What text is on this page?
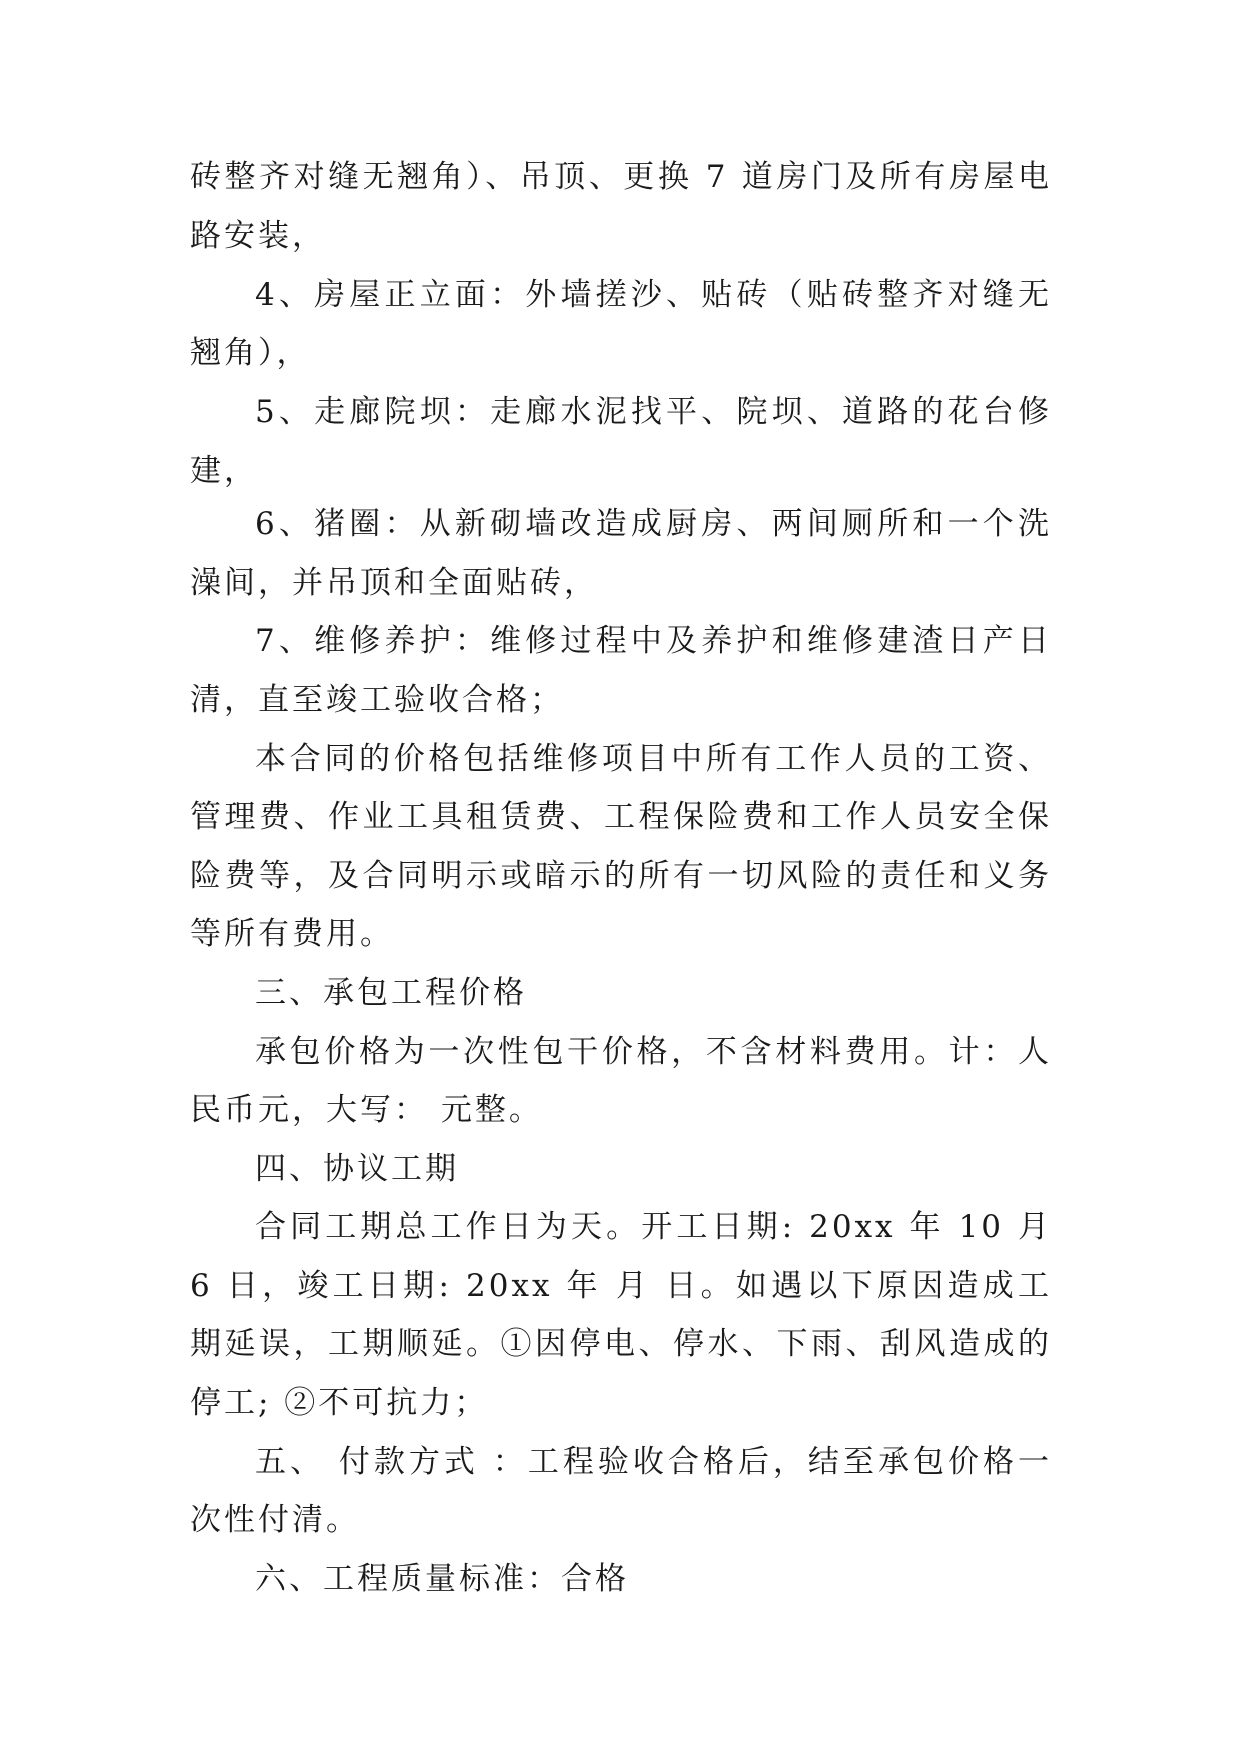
砖整齐对缝无翘角）、吊顶、更换 7 道房门及所有房屋电路安装，

4、房屋正立面：外墙搓沙、贴砖（贴砖整齐对缝无翘角），

5、走廊院坝：走廊水泥找平、院坝、道路的花台修建，

6、猪圈：从新砌墙改造成厨房、两间厕所和一个洗澡间，并吊顶和全面贴砖，

7、维修养护：维修过程中及养护和维修建渣日产日清，直至竣工验收合格；

本合同的价格包括维修项目中所有工作人员的工资、管理费、作业工具租赁费、工程保险费和工作人员安全保险费等，及合同明示或暗示的所有一切风险的责任和义务等所有费用。

三、承包工程价格

承包价格为一次性包干价格，不含材料费用。计：人民币元，大写： 元整。

四、协议工期

合同工期总工作日为天。开工日期: 20xx 年 10 月 6 日，竣工日期: 20xx 年 月 日。如遇以下原因造成工期延误，工期顺延。①因停电、停水、下雨、刮风造成的停工; ②不可抗力；

五、 付款方式 ：工程验收合格后，结至承包价格一次性付清。

六、工程质量标准：合格
